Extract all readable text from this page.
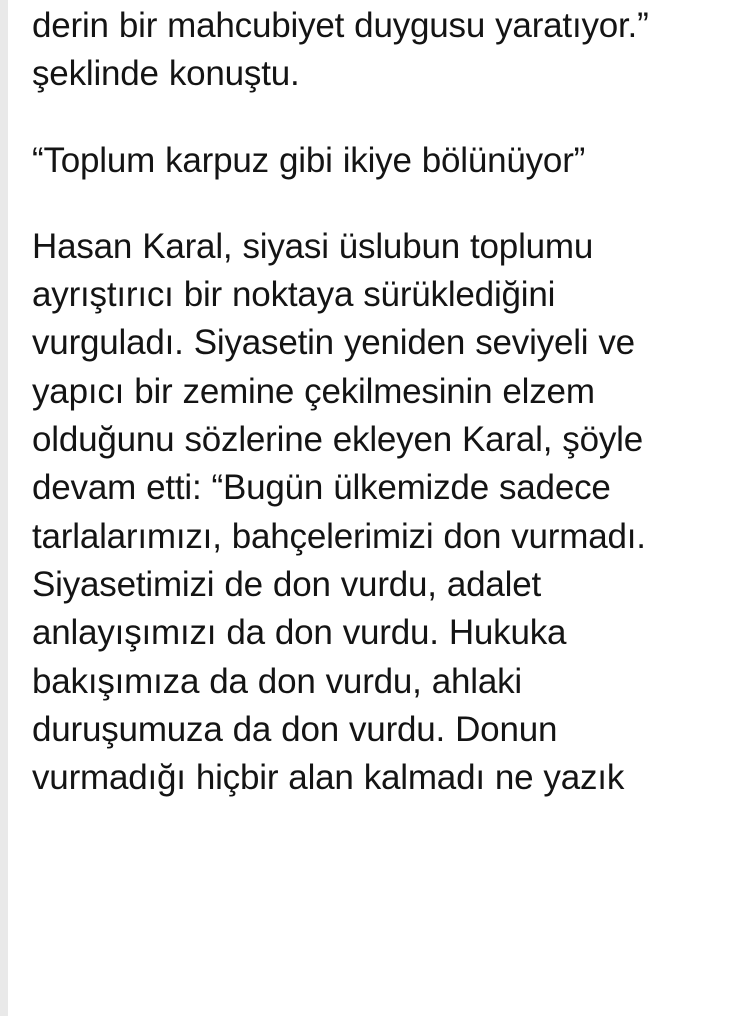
derin bir mahcubiyet duygusu yaratıyor.” şeklinde konuştu.

“Toplum karpuz gibi ikiye bölünüyor”

Hasan Karal, siyasi üslubun toplumu ayrıştırıcı bir noktaya sürüklediğini vurguladı. Siyasetin yeniden seviyeli ve yapıcı bir zemine çekilmesinin elzem olduğunu sözlerine ekleyen Karal, şöyle devam etti: “Bugün ülkemizde sadece tarlalarımızı, bahçelerimizi don vurmadı. Siyasetimizi de don vurdu, adalet anlayışımızı da don vurdu. Hukuka bakışımıza da don vurdu, ahlaki duruşumuza da don vurdu. Donun vurmadığı hiçbir alan kalmadı ne yazık
